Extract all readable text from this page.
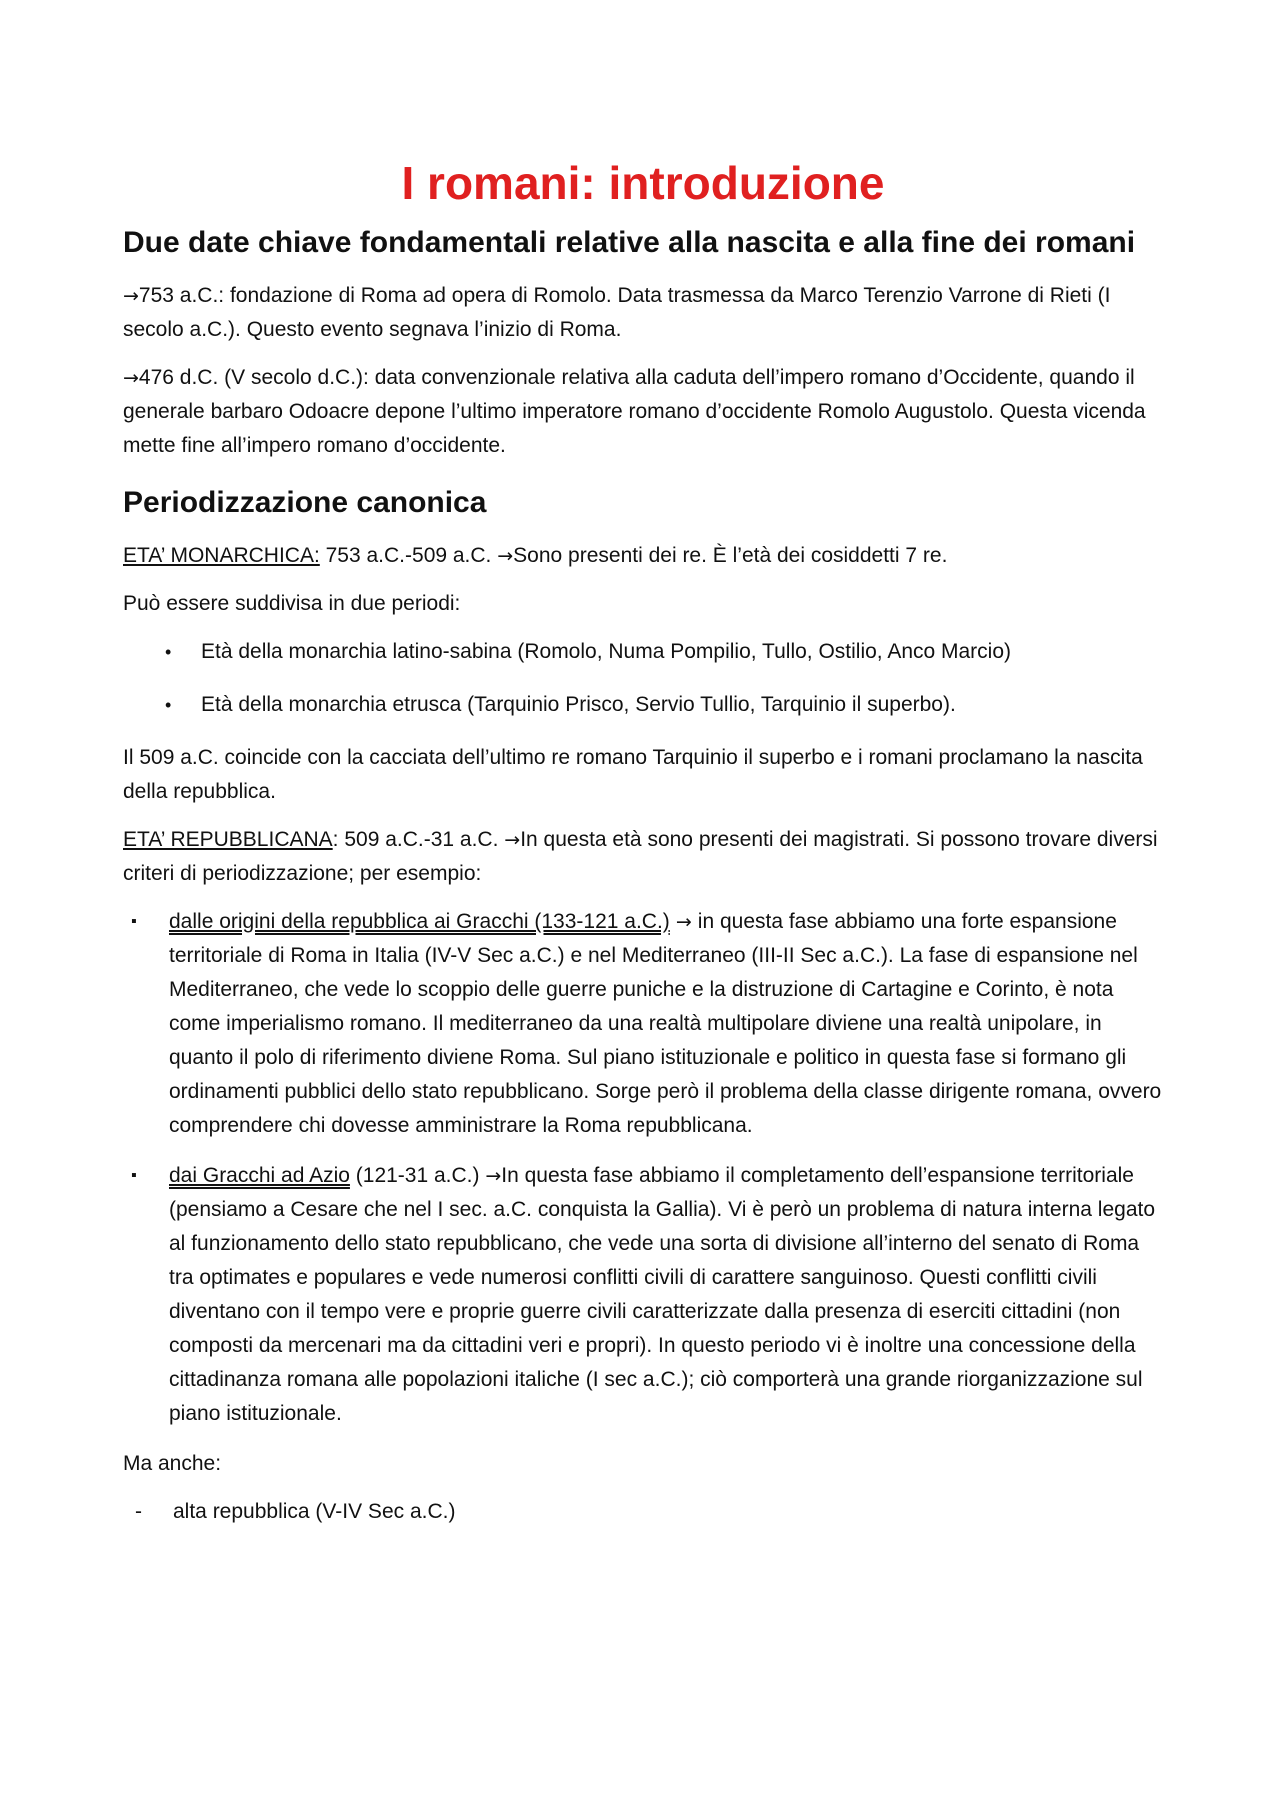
I romani: introduzione
Due date chiave fondamentali relative alla nascita e alla fine dei romani

→753 a.C.: fondazione di Roma ad opera di Romolo. Data trasmessa da Marco Terenzio Varrone di Rieti (I secolo a.C.). Questo evento segnava l’inizio di Roma.

→476 d.C. (V secolo d.C.): data convenzionale relativa alla caduta dell’impero romano d’Occidente, quando il generale barbaro Odoacre depone l’ultimo imperatore romano d’occidente Romolo Augustolo. Questa vicenda mette fine all’impero romano d’occidente.

Periodizzazione canonica

ETA’ MONARCHICA: 753 a.C.-509 a.C. →Sono presenti dei re. È l’età dei cosiddetti 7 re.

Può essere suddivisa in due periodi:

• Età della monarchia latino-sabina (Romolo, Numa Pompilio, Tullo, Ostilio, Anco Marcio)
• Età della monarchia etrusca (Tarquinio Prisco, Servio Tullio, Tarquinio il superbo).

Il 509 a.C. coincide con la cacciata dell’ultimo re romano Tarquinio il superbo e i romani proclamano la nascita della repubblica.

ETA’ REPUBBLICANA: 509 a.C.-31 a.C. →In questa età sono presenti dei magistrati. Si possono trovare diversi criteri di periodizzazione; per esempio:

▪ dalle origini della repubblica ai Gracchi (133-121 a.C.) → in questa fase abbiamo una forte espansione territoriale di Roma in Italia (IV-V Sec a.C.) e nel Mediterraneo (III-II Sec a.C.). La fase di espansione nel Mediterraneo, che vede lo scoppio delle guerre puniche e la distruzione di Cartagine e Corinto, è nota come imperialismo romano. Il mediterraneo da una realtà multipolare diviene una realtà unipolare, in quanto il polo di riferimento diviene Roma. Sul piano istituzionale e politico in questa fase si formano gli ordinamenti pubblici dello stato repubblicano. Sorge però il problema della classe dirigente romana, ovvero comprendere chi dovesse amministrare la Roma repubblicana.
▪ dai Gracchi ad Azio (121-31 a.C.) →In questa fase abbiamo il completamento dell’espansione territoriale (pensiamo a Cesare che nel I sec. a.C. conquista la Gallia). Vi è però un problema di natura interna legato al funzionamento dello stato repubblicano, che vede una sorta di divisione all’interno del senato di Roma tra optimates e populares e vede numerosi conflitti civili di carattere sanguinoso. Questi conflitti civili diventano con il tempo vere e proprie guerre civili caratterizzate dalla presenza di eserciti cittadini (non composti da mercenari ma da cittadini veri e propri). In questo periodo vi è inoltre una concessione della cittadinanza romana alle popolazioni italiche (I sec a.C.); ciò comporterà una grande riorganizzazione sul piano istituzionale.

Ma anche:

- alta repubblica (V-IV Sec a.C.)
